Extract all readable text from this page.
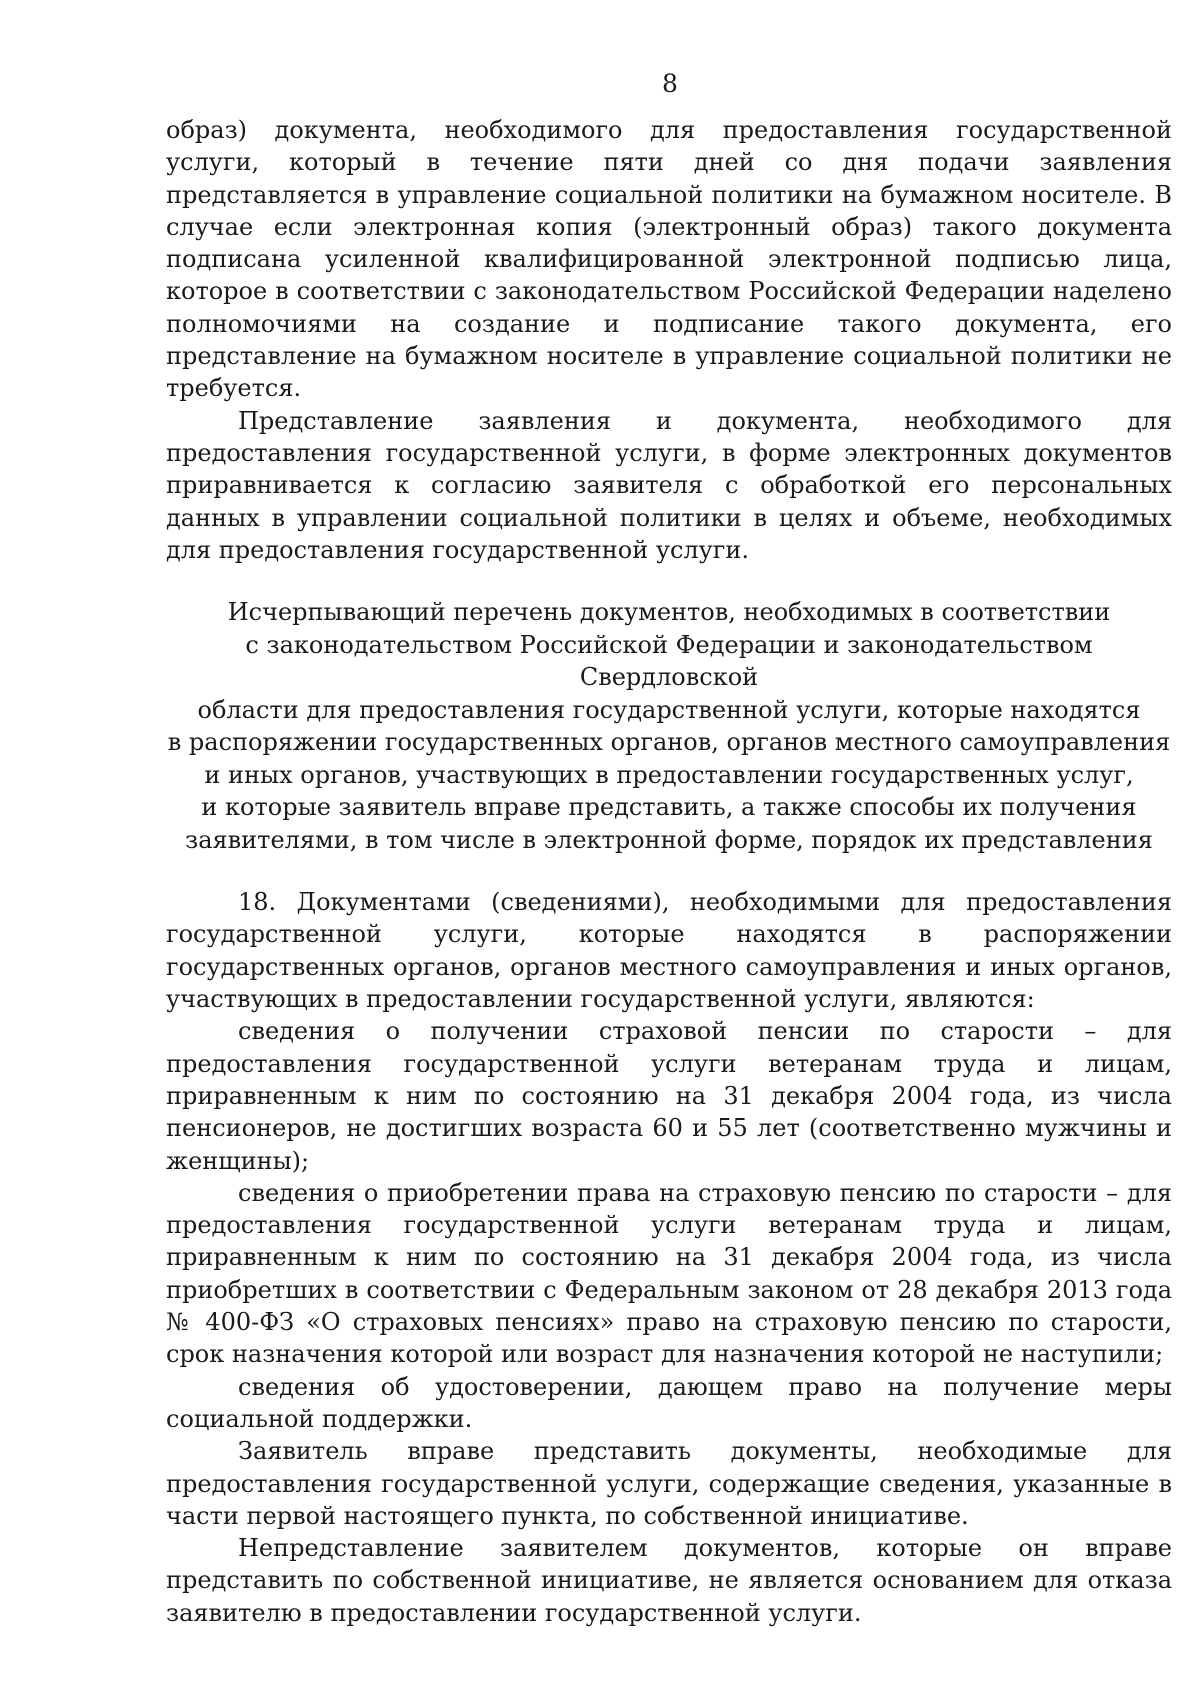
8

образ) документа, необходимого для предоставления государственной услуги, который в течение пяти дней со дня подачи заявления представляется в управление социальной политики на бумажном носителе. В случае если электронная копия (электронный образ) такого документа подписана усиленной квалифицированной электронной подписью лица, которое в соответствии с законодательством Российской Федерации наделено полномочиями на создание и подписание такого документа, его представление на бумажном носителе в управление социальной политики не требуется.

Представление заявления и документа, необходимого для предоставления государственной услуги, в форме электронных документов приравнивается к согласию заявителя с обработкой его персональных данных в управлении социальной политики в целях и объеме, необходимых для предоставления государственной услуги.

Исчерпывающий перечень документов, необходимых в соответствии
с законодательством Российской Федерации и законодательством Свердловской
области для предоставления государственной услуги, которые находятся
в распоряжении государственных органов, органов местного самоуправления
и иных органов, участвующих в предоставлении государственных услуг,
и которые заявитель вправе представить, а также способы их получения
заявителями, в том числе в электронной форме, порядок их представления

18. Документами (сведениями), необходимыми для предоставления государственной услуги, которые находятся в распоряжении государственных органов, органов местного самоуправления и иных органов, участвующих в предоставлении государственной услуги, являются:

сведения о получении страховой пенсии по старости – для предоставления государственной услуги ветеранам труда и лицам, приравненным к ним по состоянию на 31 декабря 2004 года, из числа пенсионеров, не достигших возраста 60 и 55 лет (соответственно мужчины и женщины);

сведения о приобретении права на страховую пенсию по старости – для предоставления государственной услуги ветеранам труда и лицам, приравненным к ним по состоянию на 31 декабря 2004 года, из числа приобретших в соответствии с Федеральным законом от 28 декабря 2013 года № 400-ФЗ «О страховых пенсиях» право на страховую пенсию по старости, срок назначения которой или возраст для назначения которой не наступили;

сведения об удостоверении, дающем право на получение меры социальной поддержки.

Заявитель вправе представить документы, необходимые для предоставления государственной услуги, содержащие сведения, указанные в части первой настоящего пункта, по собственной инициативе.

Непредставление заявителем документов, которые он вправе представить по собственной инициативе, не является основанием для отказа заявителю в предоставлении государственной услуги.
